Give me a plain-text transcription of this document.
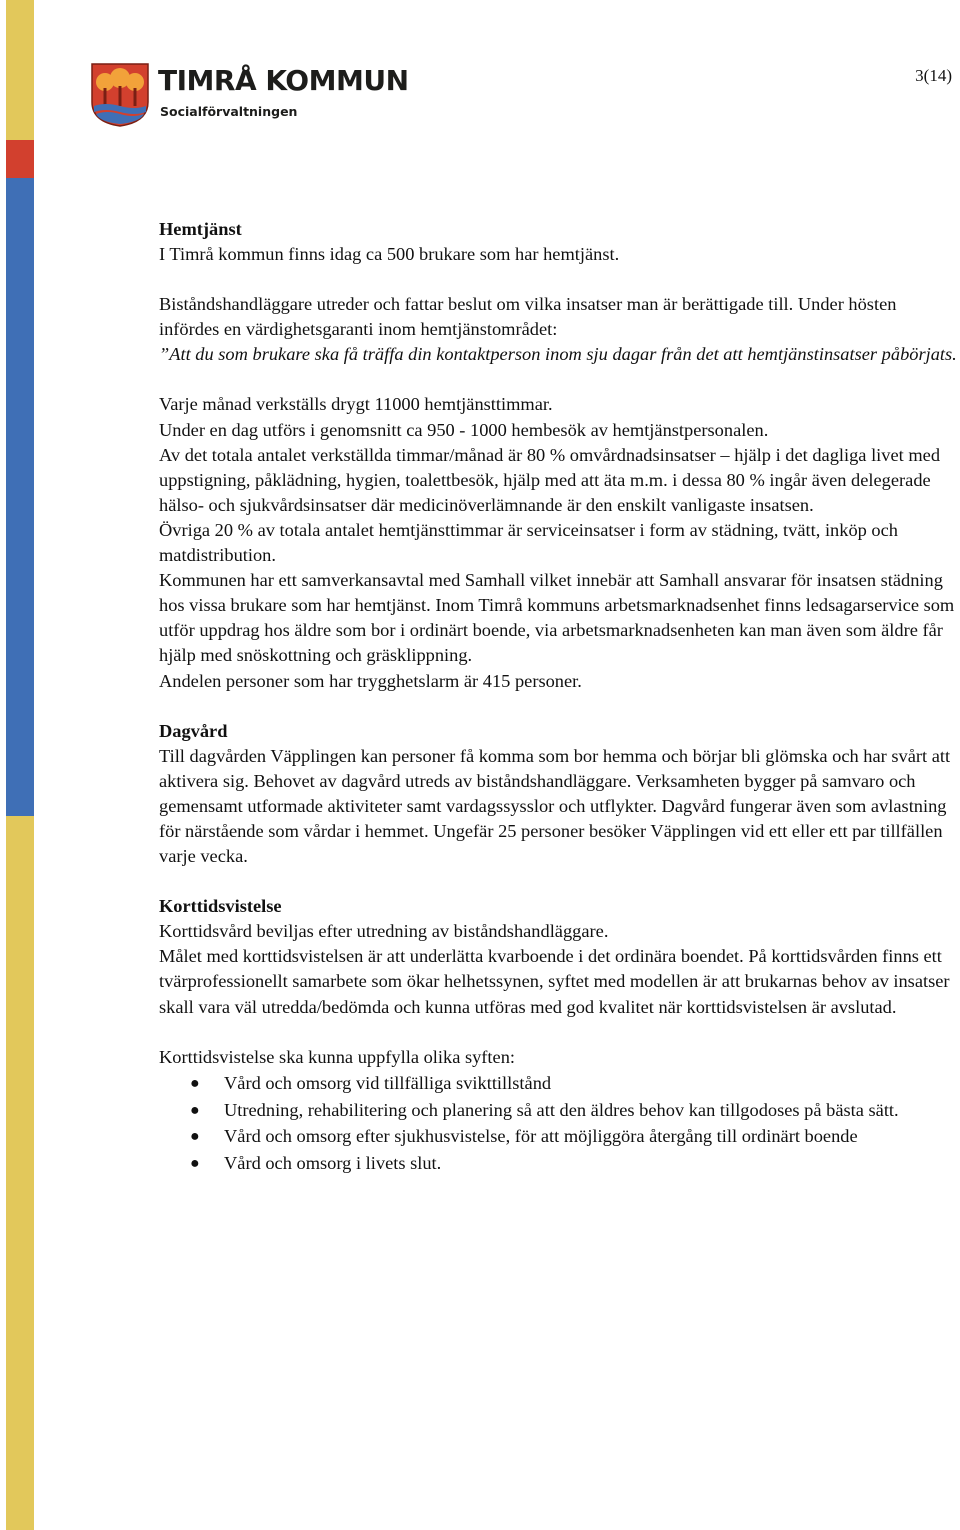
TIMRÅ KOMMUN
Socialförvaltningen
3(14)

Hemtjänst

I Timrå kommun finns idag ca 500 brukare som har hemtjänst.

Biståndshandläggare utreder och fattar beslut om vilka insatser man är berättigade till. Under hösten infördes en värdighetsgaranti inom hemtjänstområdet:

”Att du som brukare ska få träffa din kontaktperson inom sju dagar från det att hemtjänstinsatser påbörjats.

Varje månad verkställs drygt 11000 hemtjänsttimmar.

Under en dag utförs i genomsnitt ca 950 - 1000 hembesök av hemtjänstpersonalen.

Av det totala antalet verkställda timmar/månad är 80 % omvårdnadsinsatser – hjälp i det dagliga livet med uppstigning, påklädning, hygien, toalettbesök, hjälp med att äta m.m. i dessa 80 % ingår även delegerade hälso- och sjukvårdsinsatser där medicinöverlämnande är den enskilt vanligaste insatsen.

Övriga 20 % av totala antalet hemtjänsttimmar är serviceinsatser i form av städning, tvätt, inköp och matdistribution.

Kommunen har ett samverkansavtal med Samhall vilket innebär att Samhall ansvarar för insatsen städning hos vissa brukare som har hemtjänst. Inom Timrå kommuns arbetsmarknadsenhet finns ledsagarservice som utför uppdrag hos äldre som bor i ordinärt boende, via arbetsmarknadsenheten kan man även som äldre får hjälp med snöskottning och gräsklippning.

Andelen personer som har trygghetslarm är 415 personer.

Dagvård

Till dagvården Väpplingen kan personer få komma som bor hemma och börjar bli glömska och har svårt att aktivera sig. Behovet av dagvård utreds av biståndshandläggare. Verksamheten bygger på samvaro och gemensamt utformade aktiviteter samt vardagssysslor och utflykter. Dagvård fungerar även som avlastning för närstående som vårdar i hemmet. Ungefär 25 personer besöker Väpplingen vid ett eller ett par tillfällen varje vecka.

Korttidsvistelse

Korttidsvård beviljas efter utredning av biståndshandläggare.

Målet med korttidsvistelsen är att underlätta kvarboende i det ordinära boendet. På korttidsvården finns ett tvärprofessionellt samarbete som ökar helhetssynen, syftet med modellen är att brukarnas behov av insatser skall vara väl utredda/bedömda och kunna utföras med god kvalitet när korttidsvistelsen är avslutad.

Korttidsvistelse ska kunna uppfylla olika syften:

● Vård och omsorg vid tillfälliga svikttillstånd
● Utredning, rehabilitering och planering så att den äldres behov kan tillgodoses på bästa sätt.
● Vård och omsorg efter sjukhusvistelse, för att möjliggöra återgång till ordinärt boende
● Vård och omsorg i livets slut.
